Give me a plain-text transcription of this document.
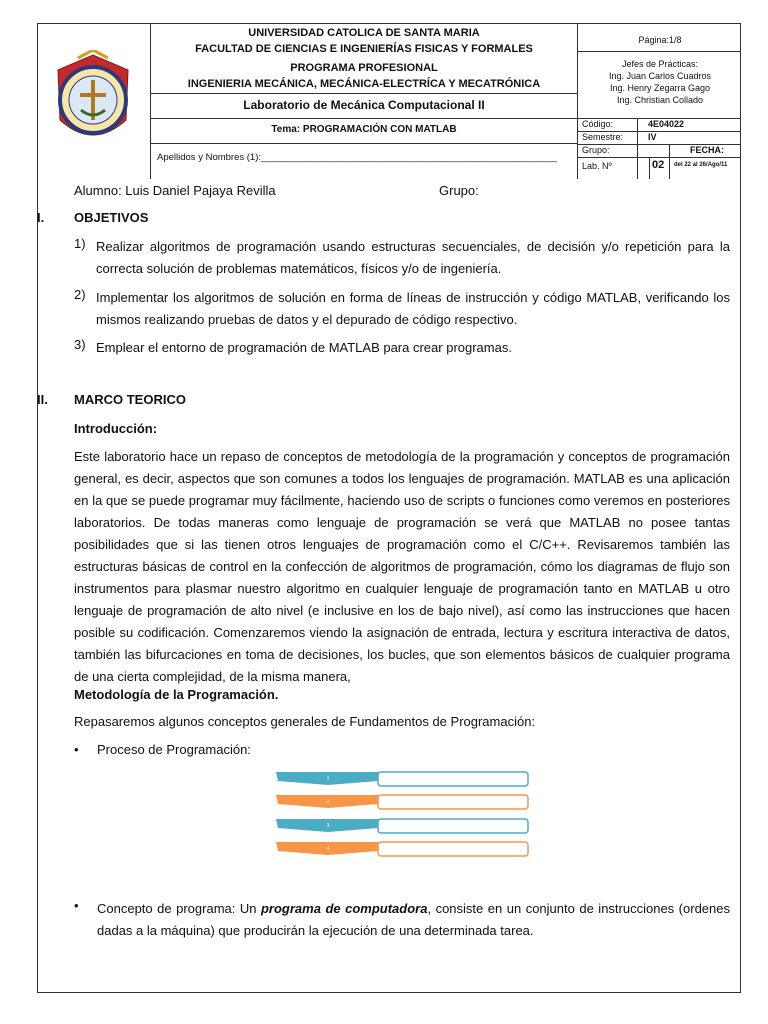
UNIVERSIDAD CATOLICA DE SANTA MARIA
FACULTAD DE CIENCIAS E INGENIERÍAS FISICAS Y FORMALES
PROGRAMA PROFESIONAL
INGENIERIA MECÁNICA, MECÁNICA-ELECTRÍCA Y MECATRÓNICA
Laboratorio de Mecánica Computacional II
Tema: PROGRAMACIÓN CON MATLAB
Apellidos y Nombres (1):________________________________________________________
Página:1/8
Jefes de Prácticas:
Ing. Juan Carlos Cuadros
Ing. Henry Zegarra Gago
Ing. Christian Collado
Código:	4E04022
Semestre:	IV
Grupo:	FECHA:
Lab. Nº	02 del 22 al 26/Ago/11
Alumno: Luis Daniel Pajaya Revilla	Grupo:
I. OBJETIVOS
1) Realizar algoritmos de programación usando estructuras secuenciales, de decisión y/o repetición para la correcta solución de problemas matemáticos, físicos y/o de ingeniería.
2) Implementar los algoritmos de solución en forma de líneas de instrucción y código MATLAB, verificando los mismos realizando pruebas de datos y el depurado de código respectivo.
3) Emplear el entorno de programación de MATLAB para crear programas.
II. MARCO TEORICO
Introducción:
Este laboratorio hace un repaso de conceptos de metodología de la programación y conceptos de programación general, es decir, aspectos que son comunes a todos los lenguajes de programación. MATLAB es una aplicación en la que se puede programar muy fácilmente, haciendo uso de scripts o funciones como veremos en posteriores laboratorios. De todas maneras como lenguaje de programación se verá que MATLAB no posee tantas posibilidades que si las tienen otros lenguajes de programación como el C/C++. Revisaremos también las estructuras básicas de control en la confección de algoritmos de programación, cómo los diagramas de flujo son instrumentos para plasmar nuestro algoritmo en cualquier lenguaje de programación tanto en MATLAB u otro lenguaje de programación de alto nivel (e inclusive en los de bajo nivel), así como las instrucciones que hacen posible su codificación. Comenzaremos viendo la asignación de entrada, lectura y escritura interactiva de datos, también las bifurcaciones en toma de decisiones, los bucles, que son elementos básicos de cualquier programa de una cierta complejidad, de la misma manera,
Metodología de la Programación.
Repasaremos algunos conceptos generales de Fundamentos de Programación:
• Proceso de Programación:
1
2
3
4
• Concepto de programa: Un programa de computadora, consiste en un conjunto de instrucciones (ordenes dadas a la máquina) que producirán la ejecución de una determinada tarea.
